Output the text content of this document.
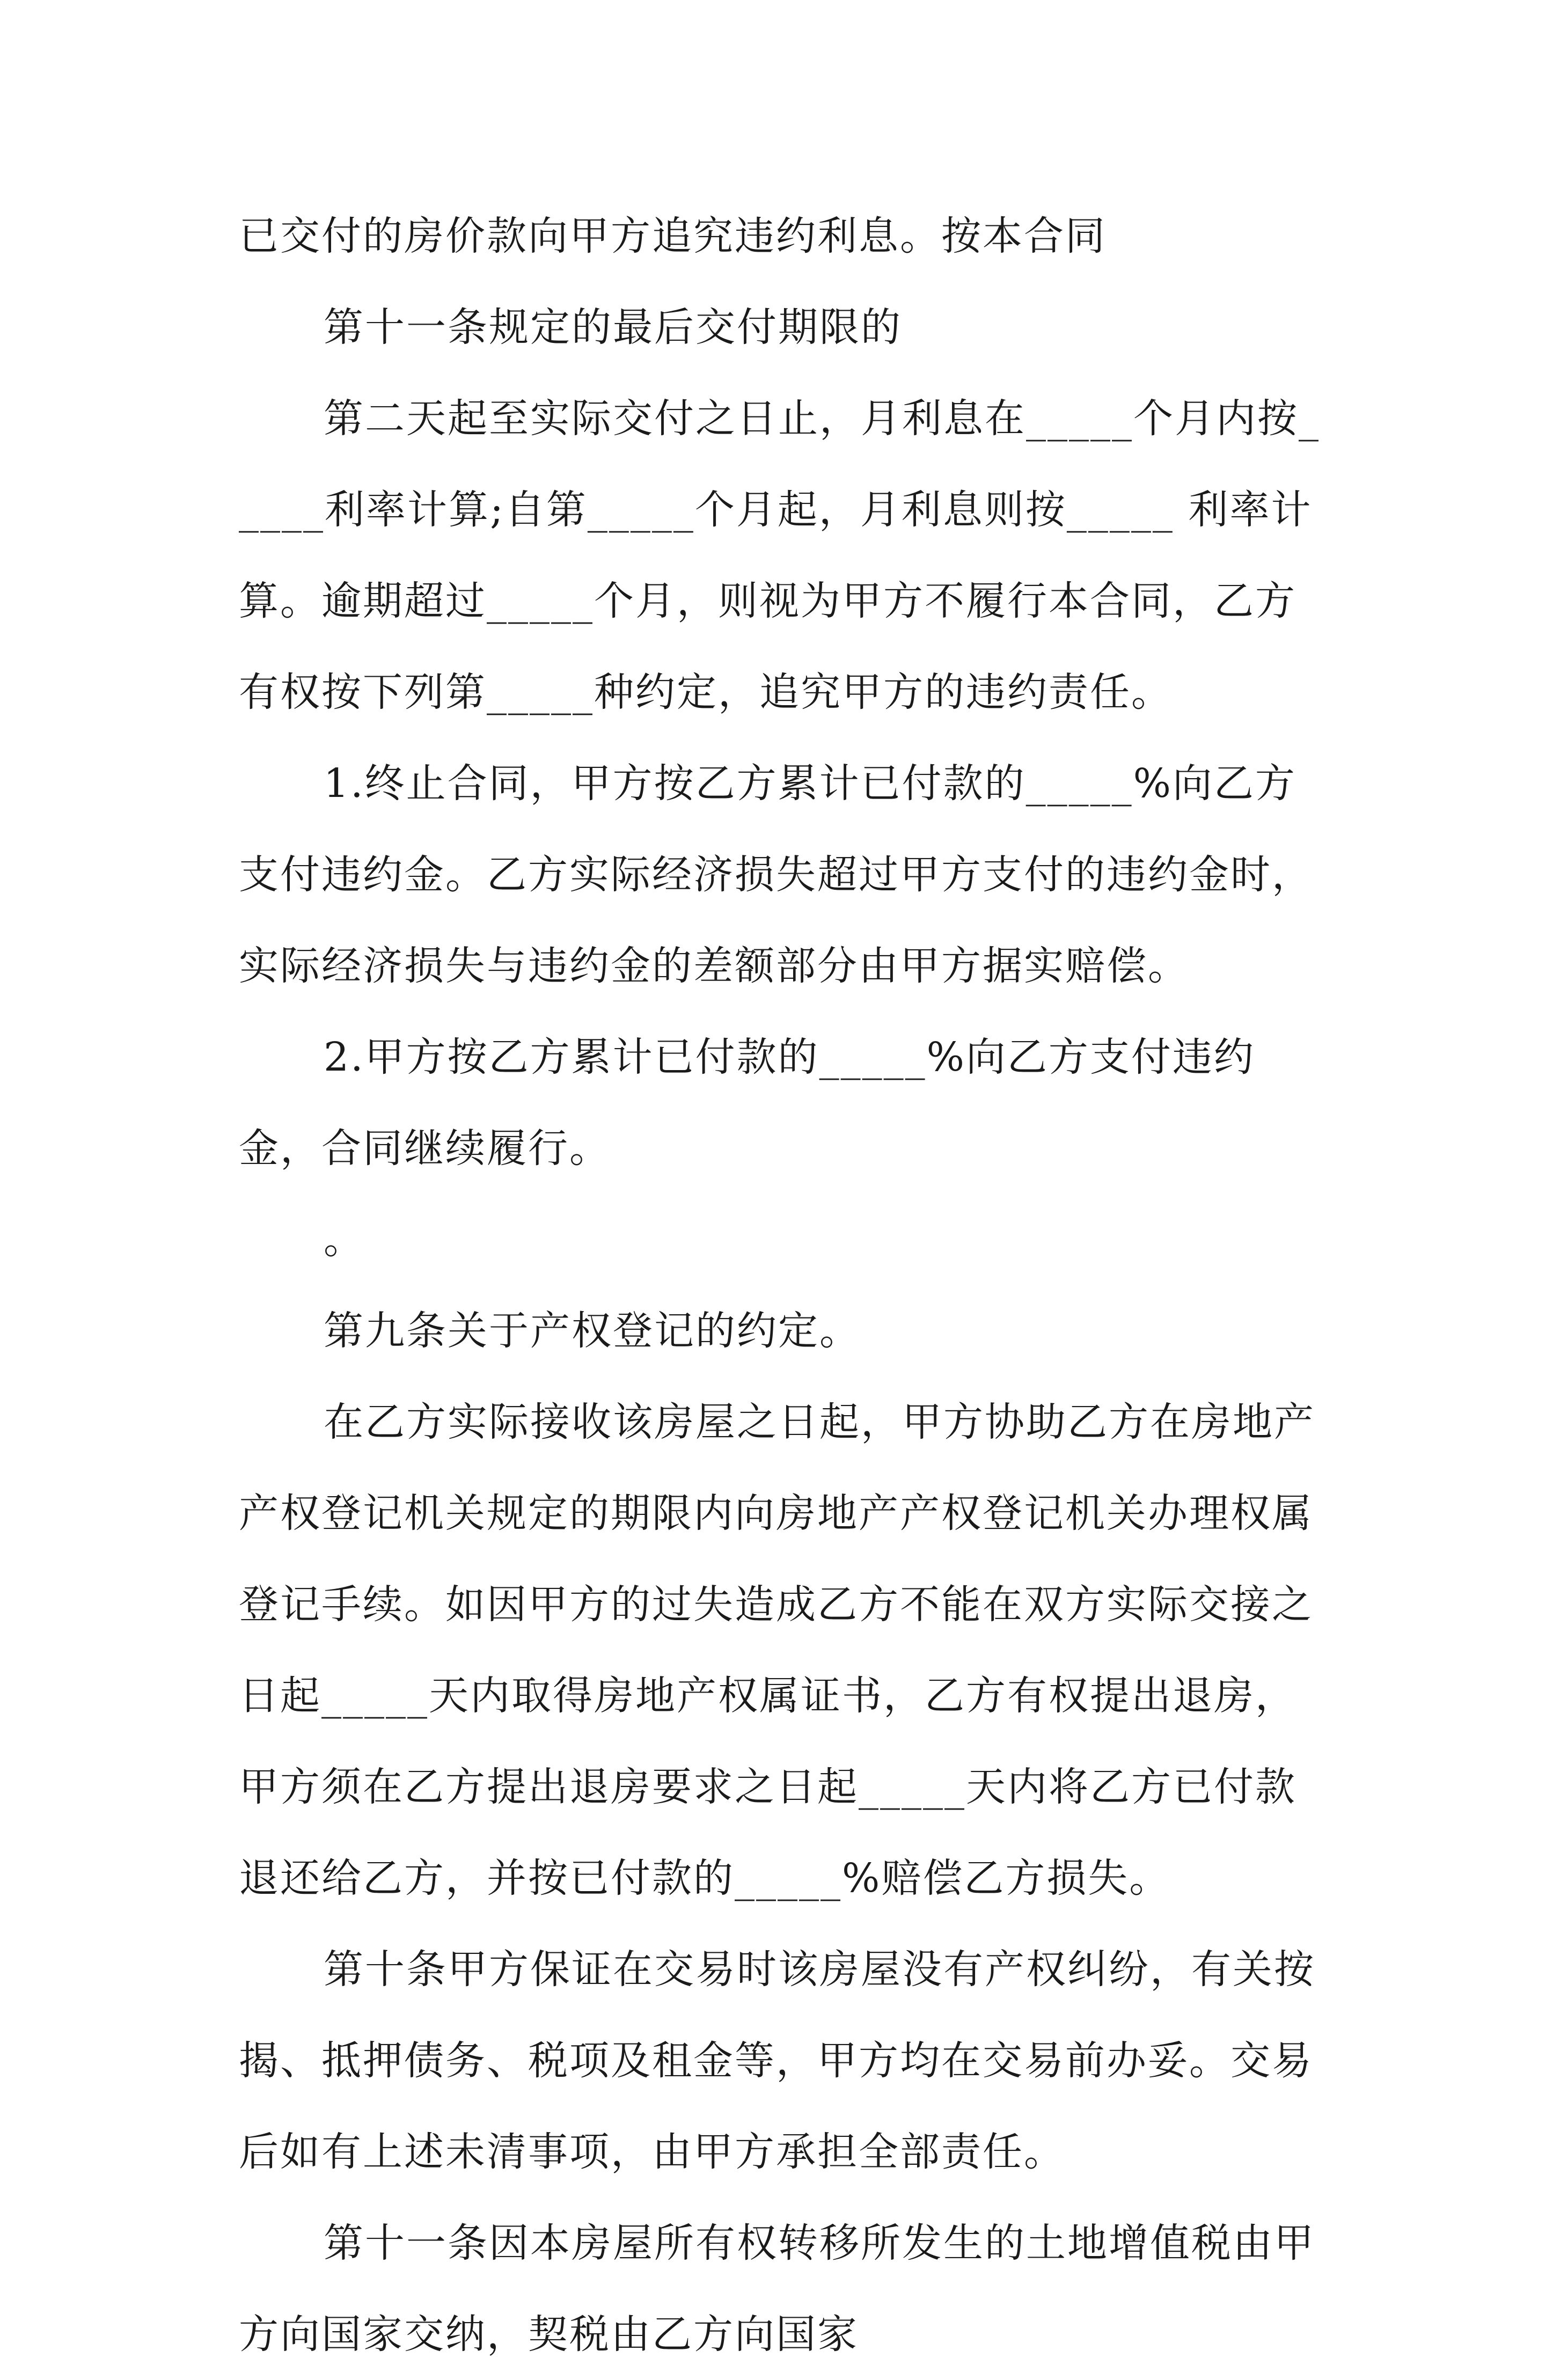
已交付的房价款向甲方追究违约利息。按本合同

第十一条规定的最后交付期限的

第二天起至实际交付之日止，月利息在_____个月内按_____利率计算;自第_____个月起，月利息则按_____ 利率计算。逾期超过_____个月，则视为甲方不履行本合同，乙方有权按下列第_____种约定，追究甲方的违约责任。

1.终止合同，甲方按乙方累计已付款的_____%向乙方支付违约金。乙方实际经济损失超过甲方支付的违约金时，实际经济损失与违约金的差额部分由甲方据实赔偿。

2.甲方按乙方累计已付款的_____%向乙方支付违约金，合同继续履行。

。

第九条关于产权登记的约定。

在乙方实际接收该房屋之日起，甲方协助乙方在房地产产权登记机关规定的期限内向房地产产权登记机关办理权属登记手续。如因甲方的过失造成乙方不能在双方实际交接之日起_____天内取得房地产权属证书，乙方有权提出退房，甲方须在乙方提出退房要求之日起_____天内将乙方已付款退还给乙方，并按已付款的_____%赔偿乙方损失。

第十条甲方保证在交易时该房屋没有产权纠纷，有关按揭、抵押债务、税项及租金等，甲方均在交易前办妥。交易后如有上述未清事项，由甲方承担全部责任。

第十一条因本房屋所有权转移所发生的土地增值税由甲方向国家交纳，契税由乙方向国家
